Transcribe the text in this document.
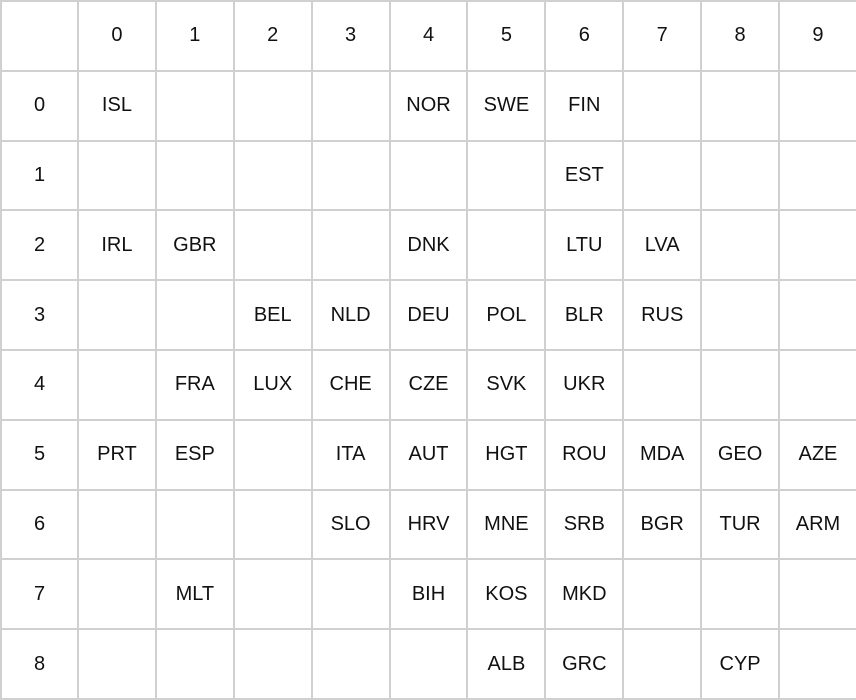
	0	1	2	3	4	5	6	7	8	9
0	ISL				NOR	SWE	FIN			
1							EST			
2	IRL	GBR			DNK		LTU	LVA		
3			BEL	NLD	DEU	POL	BLR	RUS		
4		FRA	LUX	CHE	CZE	SVK	UKR			
5	PRT	ESP		ITA	AUT	HGT	ROU	MDA	GEO	AZE
6				SLO	HRV	MNE	SRB	BGR	TUR	ARM
7		MLT			BIH	KOS	MKD			
8						ALB	GRC		CYP	
